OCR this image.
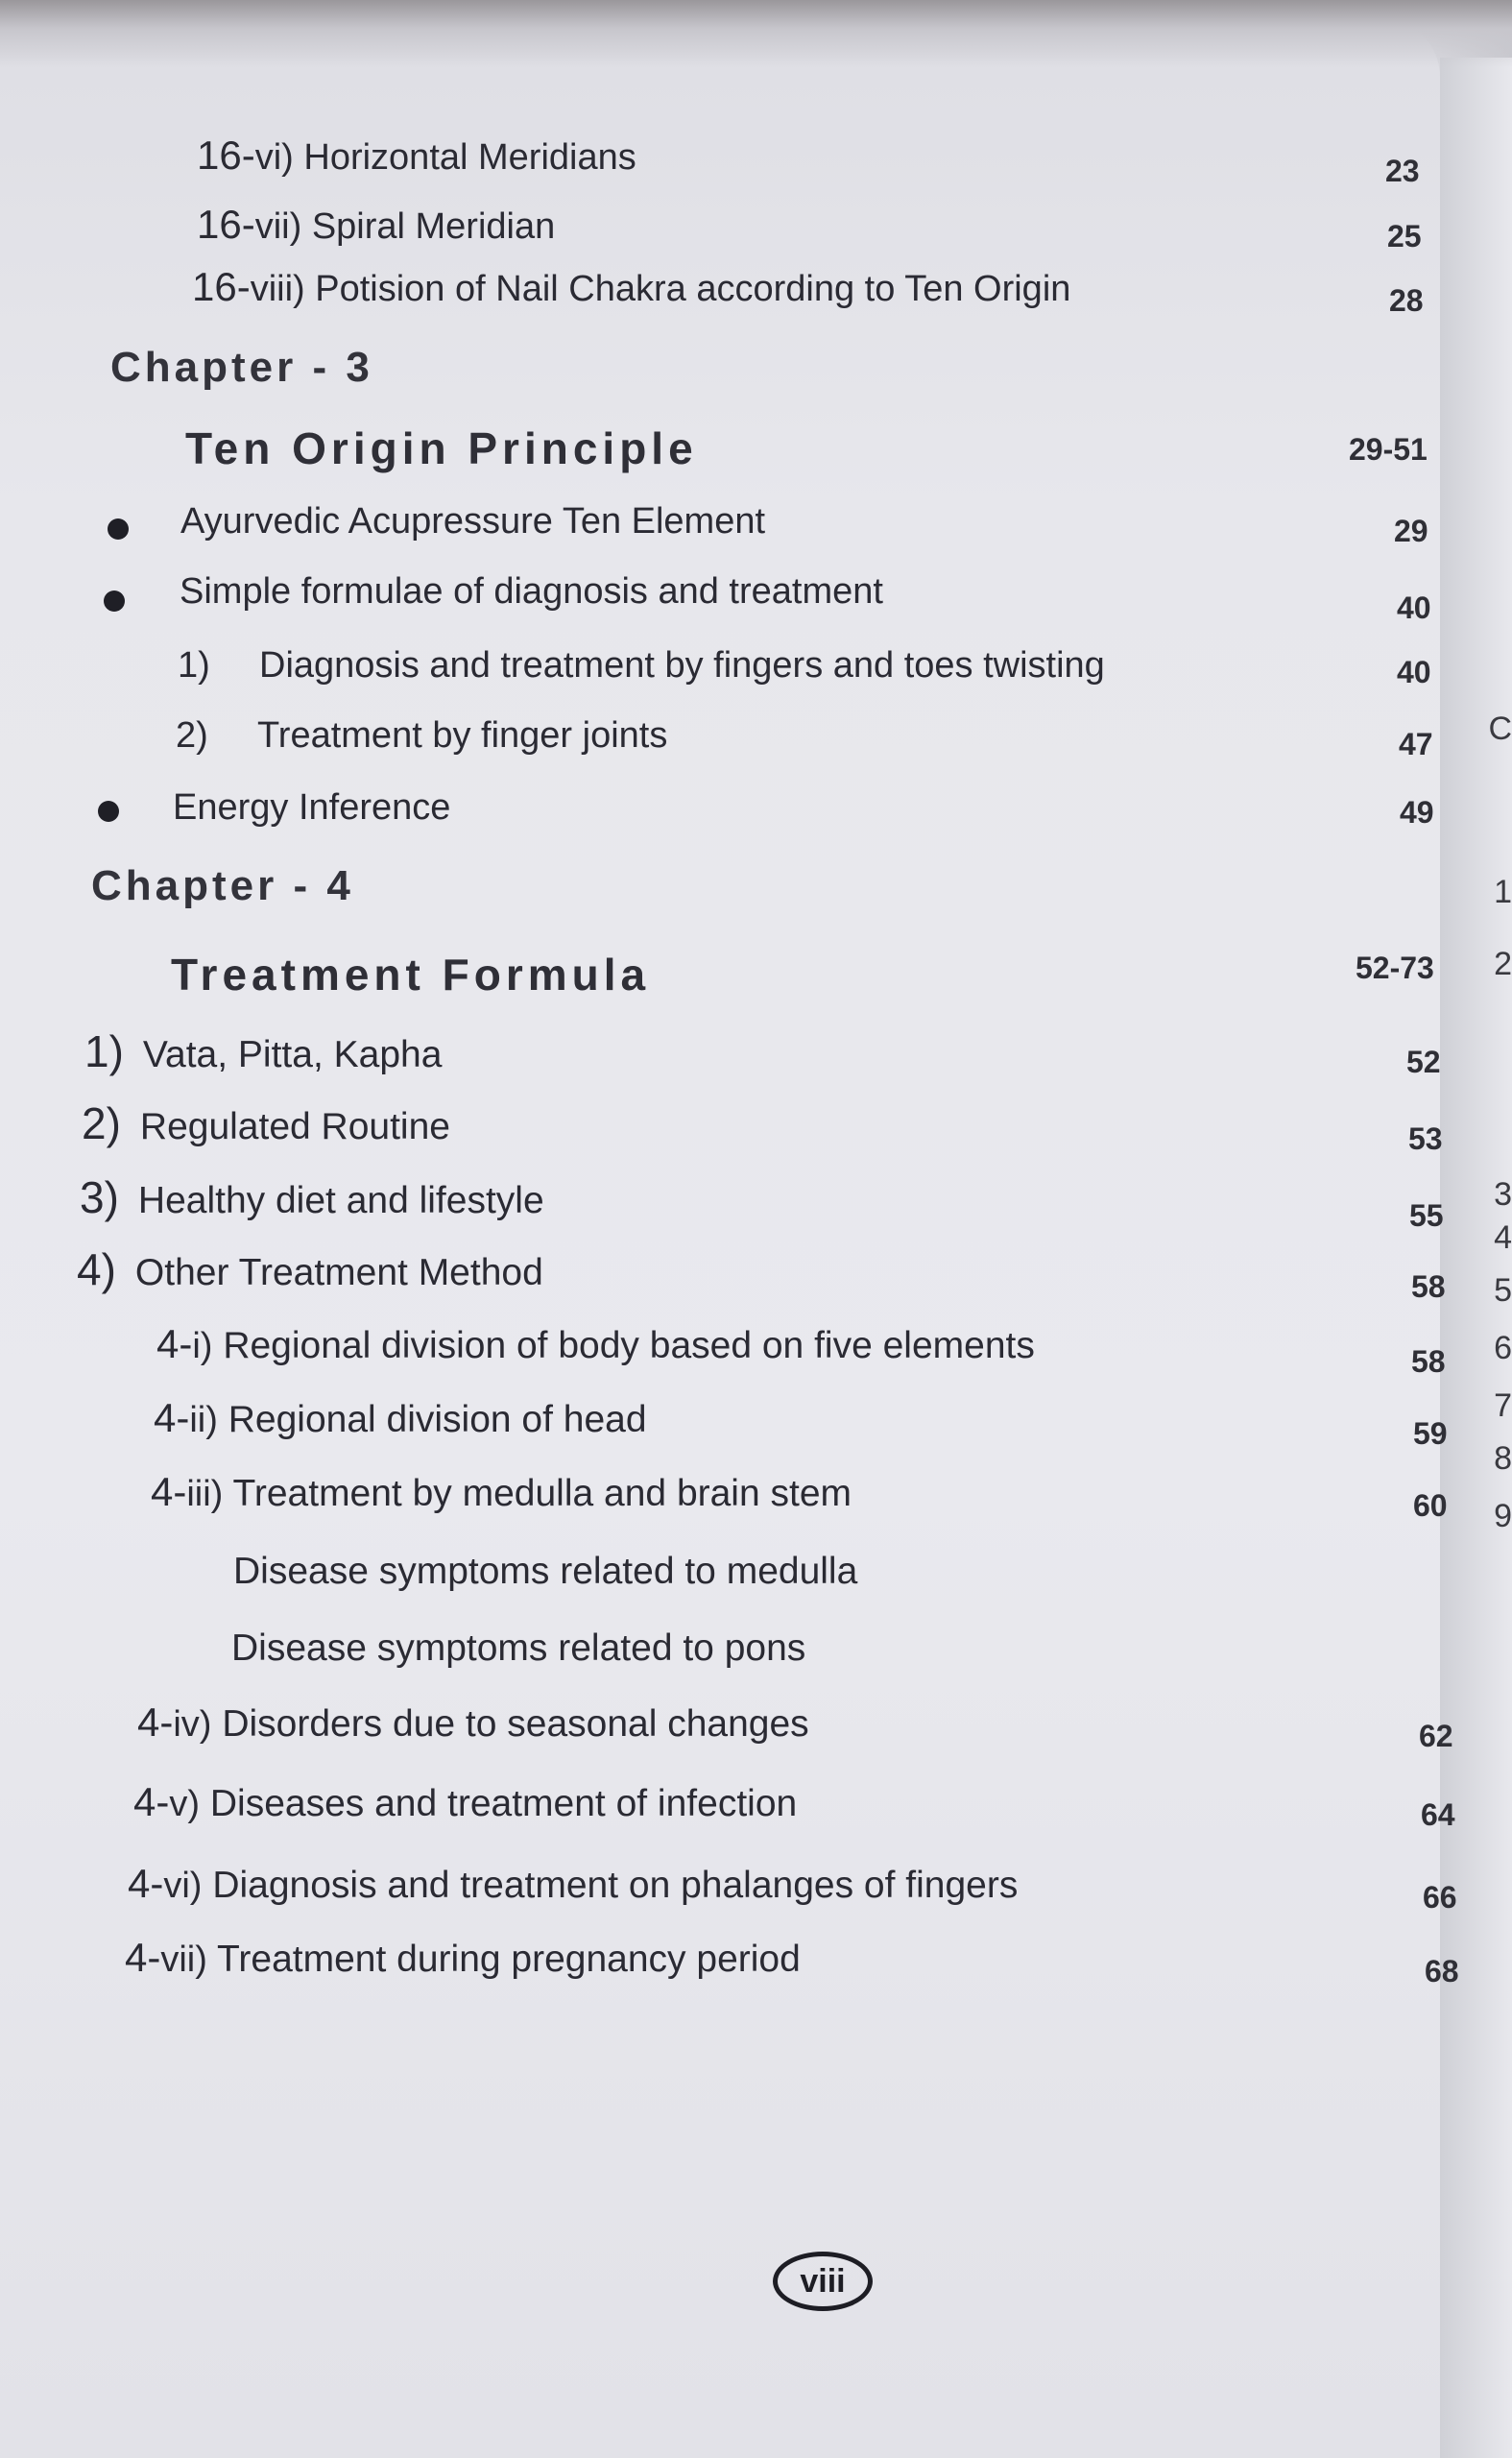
C
1
2
3
4
5
6
7
8
9
16-vi) Horizontal Meridians	23
16-vii) Spiral Meridian	25
16-viii) Potision of Nail Chakra according to Ten Origin	28
Chapter - 3
Ten Origin Principle	29-51
Ayurvedic Acupressure Ten Element	29
Simple formulae of diagnosis and treatment	40
1) Diagnosis and treatment by fingers and toes twisting	40
2) Treatment by finger joints	47
Energy Inference	49
Chapter - 4
Treatment Formula	52-73
1) Vata, Pitta, Kapha	52
2) Regulated Routine	53
3) Healthy diet and lifestyle	55
4) Other Treatment Method	58
4-i) Regional division of body based on five elements	58
4-ii) Regional division of head	59
4-iii) Treatment by medulla and brain stem	60
Disease symptoms related to medulla
Disease symptoms related to pons
4-iv) Disorders due to seasonal changes	62
4-v) Diseases and treatment of infection	64
4-vi) Diagnosis and treatment on phalanges of fingers	66
4-vii) Treatment during pregnancy period	68
viii
